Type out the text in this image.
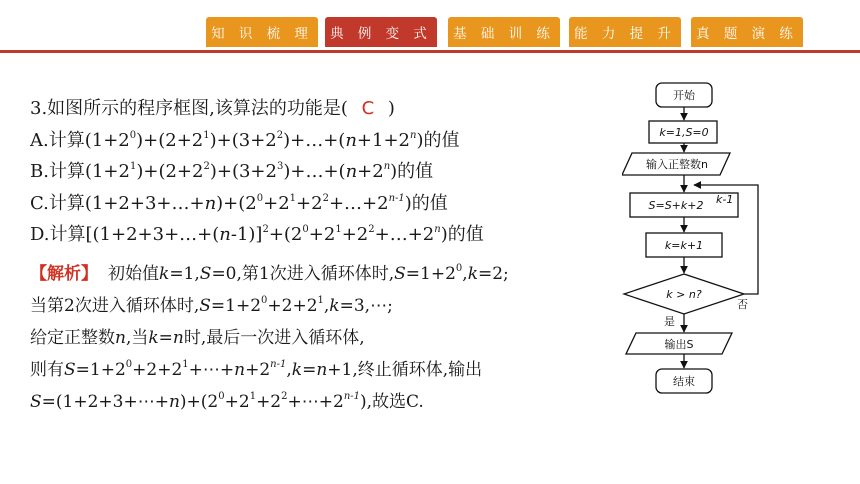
知 识 梳 理	典 例 变 式	基 础 训 练	能 力 提 升	真 题 演 练
3.如图所示的程序框图,该算法的功能是( C )
A.计算$(1+2^0)+(2+2^1)+(3+2^2)+\dots+(n+1+2^n)$的值
B.计算$(1+2^1)+(2+2^2)+(3+2^3)+\dots+(n+2^n)$的值
C.计算$(1+2+3+\dots+n)+(2^0+2^1+2^2+\dots+2^{n-1})$的值
D.计算[$(1+2+3+\dots+(n-1)]^2+(2^0+2^1+2^2+\dots+2^n)$的值
【解析】 初始值k=1,S=0,第1次进入循环体时$,S=1+2^0,k=2$;
当第2次进入循环体时$,S=1+2^0+2+2^1,k=3,\cdots$;
给定正整数n,当k=n时,最后一次进入循环体,
则有$S=1+2^0+2+2^1+\cdots+n+2^{n-1},k=n+1$,终止循环体,输出
$S=(1+2+3+\cdots+n)+(2^0+2^1+2^2+\cdots+2^{n-1})$,故选C.
开始
k=1,S=0
输入正整数n
S=S+k+2 k-1
k=k+1
k > n?
否
是
输出S
结束
